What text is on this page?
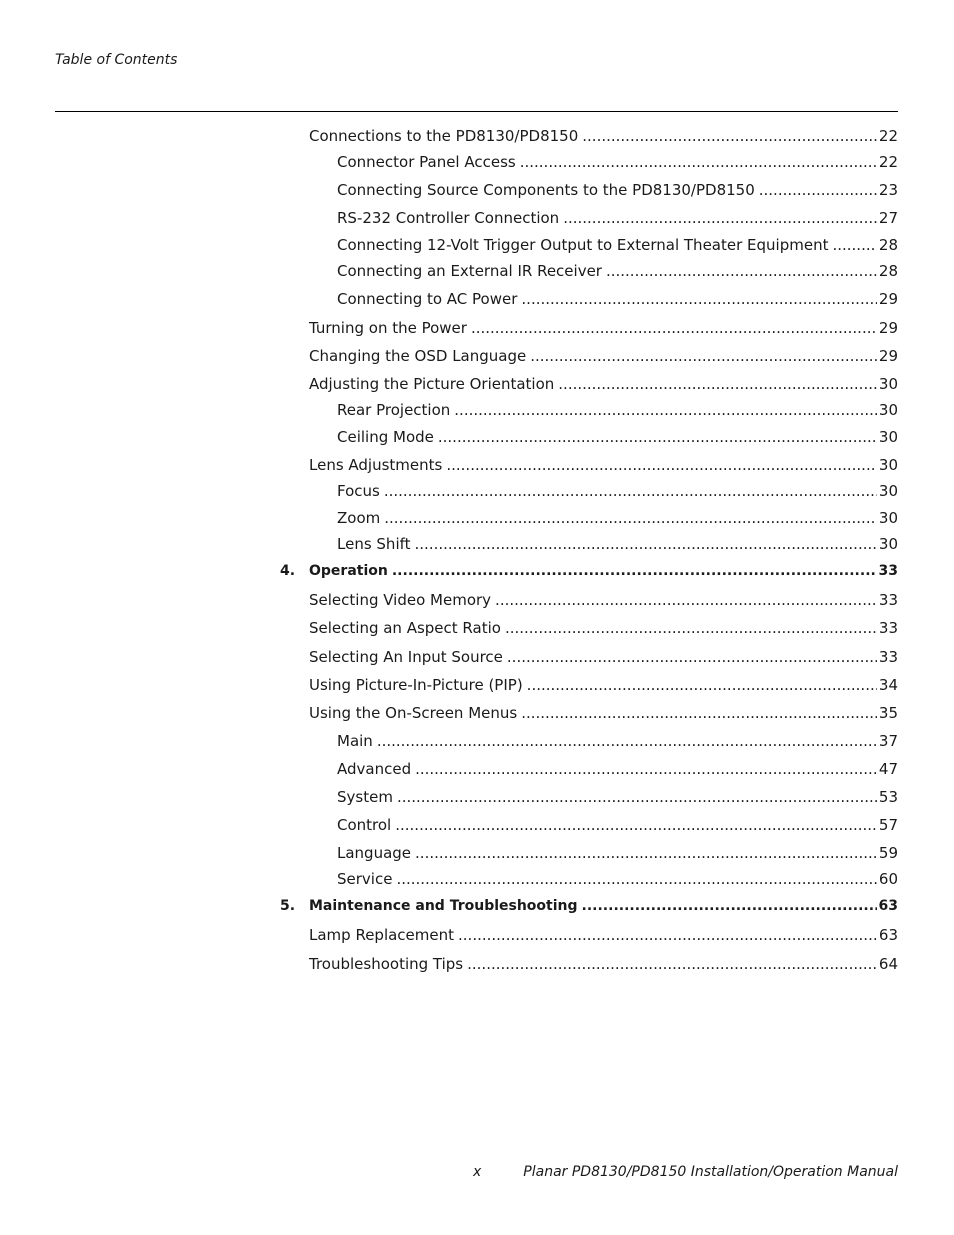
Table of Contents
Connections to the PD8130/PD8150 .....	22
Connector Panel Access .....	22
Connecting Source Components to the PD8130/PD8150 .....	23
RS-232 Controller Connection .....	27
Connecting 12-Volt Trigger Output to External Theater Equipment .....	28
Connecting an External IR Receiver .....	28
Connecting to AC Power .....	29
Turning on the Power .....	29
Changing the OSD Language .....	29
Adjusting the Picture Orientation .....	30
Rear Projection .....	30
Ceiling Mode .....	30
Lens Adjustments .....	30
Focus .....	30
Zoom .....	30
Lens Shift .....	30
4. Operation .....	33
Selecting Video Memory .....	33
Selecting an Aspect Ratio .....	33
Selecting An Input Source .....	33
Using Picture-In-Picture (PIP) .....	34
Using the On-Screen Menus .....	35
Main .....	37
Advanced .....	47
System .....	53
Control .....	57
Language .....	59
Service .....	60
5. Maintenance and Troubleshooting .....	63
Lamp Replacement .....	63
Troubleshooting Tips .....	64
x	Planar PD8130/PD8150 Installation/Operation Manual
